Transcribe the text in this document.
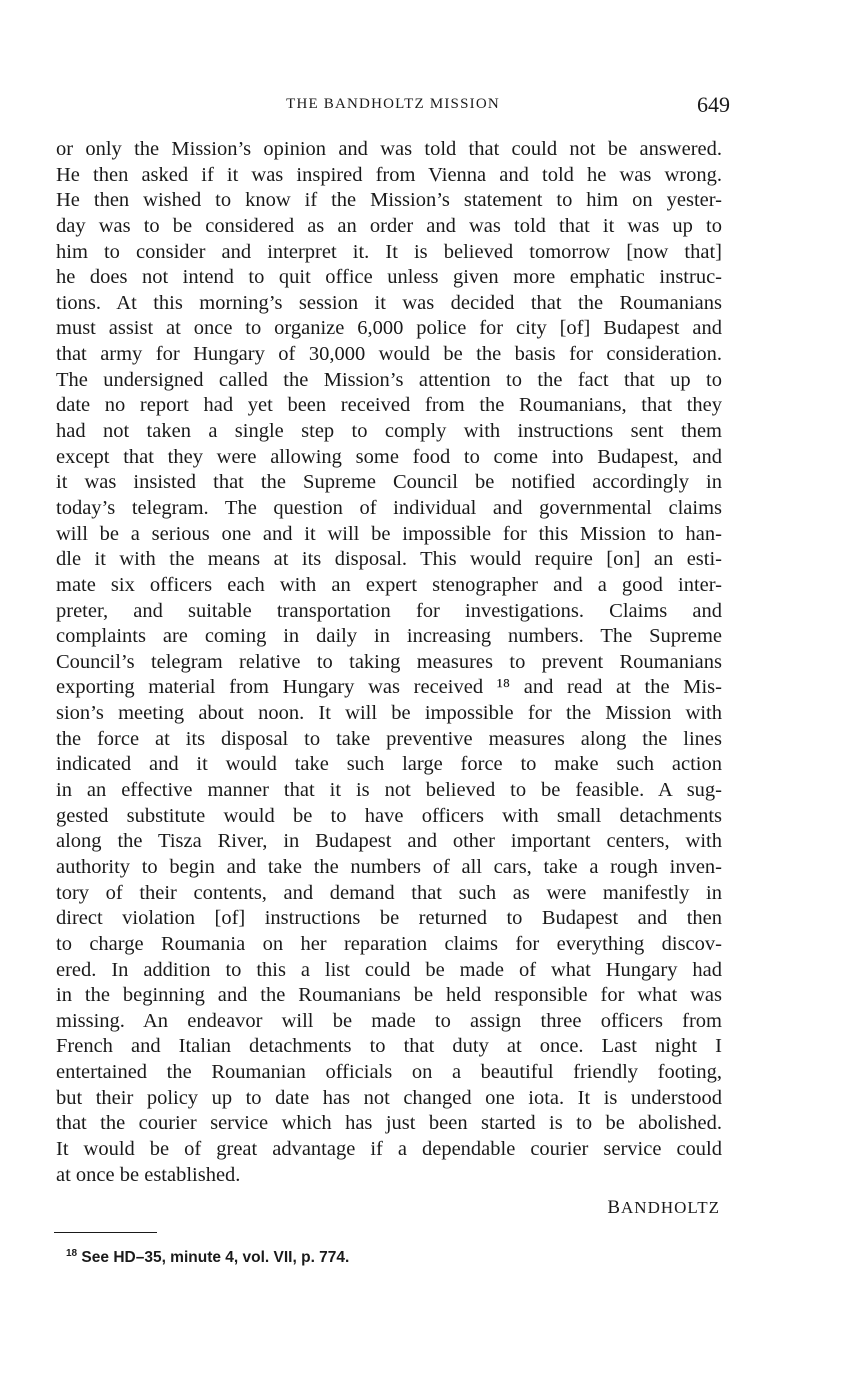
THE BANDHOLTZ MISSION	649
or only the Mission’s opinion and was told that could not be answered.
He then asked if it was inspired from Vienna and told he was wrong.
He then wished to know if the Mission’s statement to him on yester-
day was to be considered as an order and was told that it was up to
him to consider and interpret it. It is believed tomorrow [now that]
he does not intend to quit office unless given more emphatic instruc-
tions. At this morning’s session it was decided that the Roumanians
must assist at once to organize 6,000 police for city [of] Budapest and
that army for Hungary of 30,000 would be the basis for consideration.
The undersigned called the Mission’s attention to the fact that up to
date no report had yet been received from the Roumanians, that they
had not taken a single step to comply with instructions sent them
except that they were allowing some food to come into Budapest, and
it was insisted that the Supreme Council be notified accordingly in
today’s telegram. The question of individual and governmental claims
will be a serious one and it will be impossible for this Mission to han-
dle it with the means at its disposal. This would require [on] an esti-
mate six officers each with an expert stenographer and a good inter-
preter, and suitable transportation for investigations. Claims and
complaints are coming in daily in increasing numbers. The Supreme
Council’s telegram relative to taking measures to prevent Roumanians
exporting material from Hungary was received ¹⁸ and read at the Mis-
sion’s meeting about noon. It will be impossible for the Mission with
the force at its disposal to take preventive measures along the lines
indicated and it would take such large force to make such action
in an effective manner that it is not believed to be feasible. A sug-
gested substitute would be to have officers with small detachments
along the Tisza River, in Budapest and other important centers, with
authority to begin and take the numbers of all cars, take a rough inven-
tory of their contents, and demand that such as were manifestly in
direct violation [of] instructions be returned to Budapest and then
to charge Roumania on her reparation claims for everything discov-
ered. In addition to this a list could be made of what Hungary had
in the beginning and the Roumanians be held responsible for what was
missing. An endeavor will be made to assign three officers from
French and Italian detachments to that duty at once. Last night I
entertained the Roumanian officials on a beautiful friendly footing,
but their policy up to date has not changed one iota. It is understood
that the courier service which has just been started is to be abolished.
It would be of great advantage if a dependable courier service could
at once be established.
BANDHOLTZ
$^{18}$ See HD–35, minute 4, vol. VII, p. 774.
